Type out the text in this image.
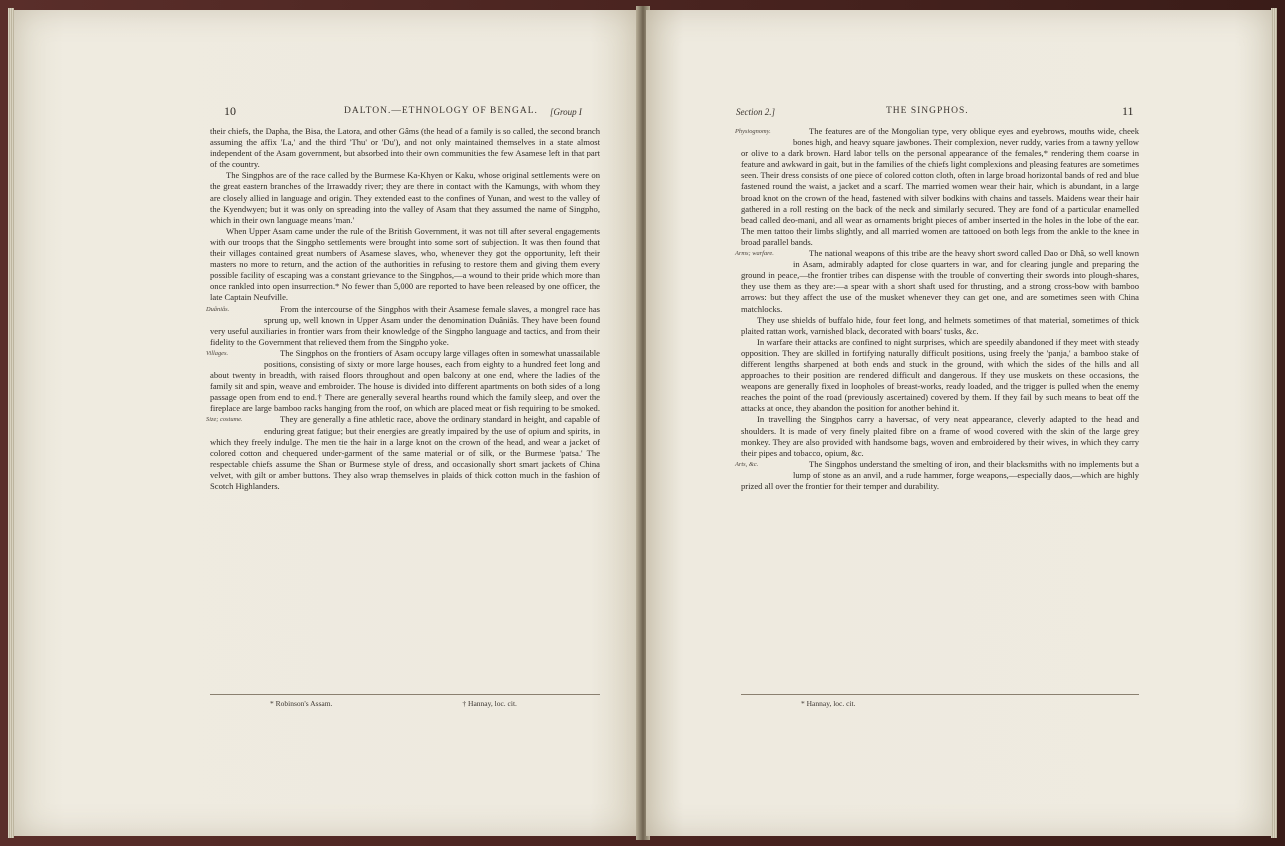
10	DALTON.—ETHNOLOGY OF BENGAL. [Group I

their chiefs, the Dapha, the Bisa, the Latora, and other Gâms (the head of a family is so called, the second branch assuming the affix 'La,' and the third 'Thu' or 'Du'), and not only maintained themselves in a state almost independent of the Asam government, but absorbed into their own communities the few Asamese left in that part of the country.

The Singphos are of the race called by the Burmese Ka-Khyen or Kaku, whose original settlements were on the great eastern branches of the Irrawaddy river; they are there in contact with the Kamungs, with whom they are closely allied in language and origin. They extended east to the confines of Yunan, and west to the valley of the Kyendwyen; but it was only on spreading into the valley of Asam that they assumed the name of Singpho, which in their own language means 'man.'

When Upper Asam came under the rule of the British Government, it was not till after several engagements with our troops that the Singpho settlements were brought into some sort of subjection. It was then found that their villages contained great numbers of Asamese slaves, who, whenever they got the opportunity, left their masters no more to return, and the action of the authorities in refusing to restore them and giving them every possible facility of escaping was a constant grievance to the Singphos,—a wound to their pride which more than once rankled into open insurrection.* No fewer than 5,000 are reported to have been released by one officer, the late Captain Neufville.

Duâniâs.	From the intercourse of the Singphos with their Asamese female slaves, a mongrel race has sprung up, well known in Upper Asam under the denomination Duâniâs. They have been found very useful auxiliaries in frontier wars from their knowledge of the Singpho language and tactics, and from their fidelity to the Government that relieved them from the Singpho yoke.

Villages.	The Singphos on the frontiers of Asam occupy large villages often in somewhat unassailable positions, consisting of sixty or more large houses, each from eighty to a hundred feet long and about twenty in breadth, with raised floors throughout and open balcony at one end, where the ladies of the family sit and spin, weave and embroider. The house is divided into different apartments on both sides of a long passage open from end to end.† There are generally several hearths round which the family sleep, and over the fireplace are large bamboo racks hanging from the roof, on which are placed meat or fish requiring to be smoked.

Size; costume.	They are generally a fine athletic race, above the ordinary standard in height, and capable of enduring great fatigue; but their energies are greatly impaired by the use of opium and spirits, in which they freely indulge. The men tie the hair in a large knot on the crown of the head, and wear a jacket of colored cotton and chequered under-garment of the same material or of silk, or the Burmese 'patsa.' The respectable chiefs assume the Shan or Burmese style of dress, and occasionally short smart jackets of China velvet, with gilt or amber buttons. They also wrap themselves in plaids of thick cotton much in the fashion of Scotch Highlanders.

* Robinson's Assam.	† Hannay, loc. cit.
Section 2.]	THE SINGPHOS.	11

Physiognomy.	The features are of the Mongolian type, very oblique eyes and eyebrows, mouths wide, cheek bones high, and heavy square jawbones. Their complexion, never ruddy, varies from a tawny yellow or olive to a dark brown. Hard labor tells on the personal appearance of the females,* rendering them coarse in feature and awkward in gait, but in the families of the chiefs light complexions and pleasing features are sometimes seen. Their dress consists of one piece of colored cotton cloth, often in large broad horizontal bands of red and blue fastened round the waist, a jacket and a scarf. The married women wear their hair, which is abundant, in a large broad knot on the crown of the head, fastened with silver bodkins with chains and tassels. Maidens wear their hair gathered in a roll resting on the back of the neck and similarly secured. They are fond of a particular enamelled bead called deo-mani, and all wear as ornaments bright pieces of amber inserted in the holes in the lobe of the ear. The men tattoo their limbs slightly, and all married women are tattooed on both legs from the ankle to the knee in broad parallel bands.

Arms; warfare.	The national weapons of this tribe are the heavy short sword called Dao or Dhâ, so well known in Asam, admirably adapted for close quarters in war, and for clearing jungle and preparing the ground in peace,—the frontier tribes can dispense with the trouble of converting their swords into plough-shares, they use them as they are:—a spear with a short shaft used for thrusting, and a strong cross-bow with bamboo arrows: but they affect the use of the musket whenever they can get one, and are sometimes seen with China matchlocks.

They use shields of buffalo hide, four feet long, and helmets sometimes of that material, sometimes of thick plaited rattan work, varnished black, decorated with boars' tusks, &c.

In warfare their attacks are confined to night surprises, which are speedily abandoned if they meet with steady opposition. They are skilled in fortifying naturally difficult positions, using freely the 'panja,' a bamboo stake of different lengths sharpened at both ends and stuck in the ground, with which the sides of the hills and all approaches to their position are rendered difficult and dangerous. If they use muskets on these occasions, the weapons are generally fixed in loopholes of breast-works, ready loaded, and the trigger is pulled when the enemy reaches the point of the road (previously ascertained) covered by them. If they fail by such means to beat off the attacks at once, they abandon the position for another behind it.

In travelling the Singphos carry a haversac, of very neat appearance, cleverly adapted to the head and shoulders. It is made of very finely plaited fibre on a frame of wood covered with the skin of the large grey monkey. They are also provided with handsome bags, woven and embroidered by their wives, in which they carry their pipes and tobacco, opium, &c.

Arts, &c.	The Singphos understand the smelting of iron, and their blacksmiths with no implements but a lump of stone as an anvil, and a rude hammer, forge weapons,—especially daos,—which are highly prized all over the frontier for their temper and durability.

* Hannay, loc. cit.
